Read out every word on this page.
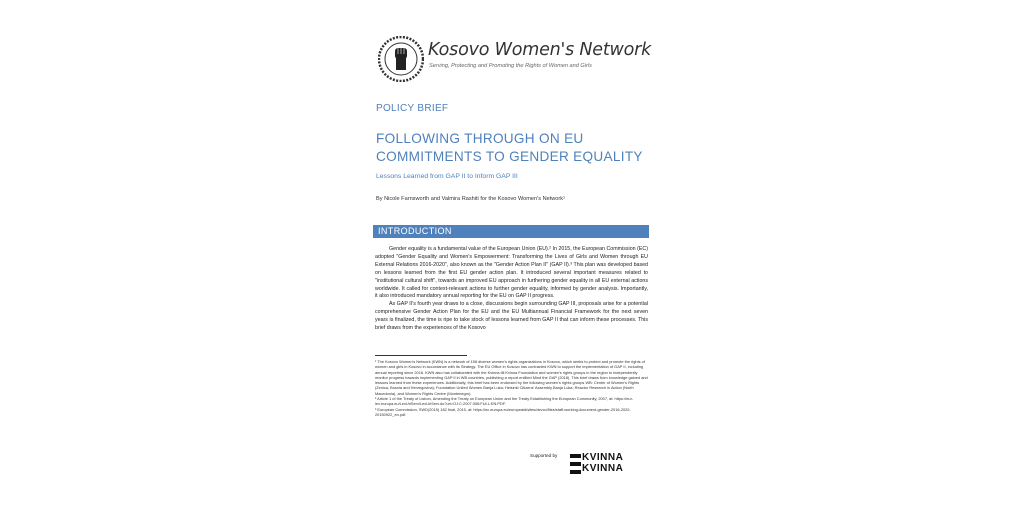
Kosovo Women's Network
Serving, Protecting and Promoting the Rights of Women and Girls
POLICY BRIEF
FOLLOWING THROUGH ON EU COMMITMENTS TO GENDER EQUALITY
Lessons Learned from GAP II to Inform GAP III
By Nicole Farnsworth and Valmira Rashiti for the Kosovo Women's Network¹
INTRODUCTION

Gender equality is a fundamental value of the European Union (EU).² In 2015, the European Commission (EC) adopted "Gender Equality and Women's Empowerment: Transforming the Lives of Girls and Women through EU External Relations 2016-2020", also known as the "Gender Action Plan II" (GAP II).³ This plan was developed based on lessons learned from the first EU gender action plan. It introduced several important measures related to "institutional cultural shift", towards an improved EU approach in furthering gender equality in all EU external actions worldwide. It called for context-relevant actions to further gender equality, informed by gender analysis. Importantly, it also introduced mandatory annual reporting for the EU on GAP II progress.

As GAP II's fourth year draws to a close, discussions begin surrounding GAP III, proposals arise for a potential comprehensive Gender Action Plan for the EU and the EU Multiannual Financial Framework for the next seven years is finalized, the time is ripe to take stock of lessons learned from GAP II that can inform these processes. This brief draws from the experiences of the Kosovo

¹ The Kosovo Women's Network (KWN) is a network of 158 diverse women's rights organizations in Kosovo, which seeks to protect and promote the rights of women and girls in Kosovo in accordance with its Strategy. The EU Office in Kosovo has contracted KWN to support the implementation of GAP II, including annual reporting since 2016. KWN also has collaborated with the Kvinna till Kvinna Foundation and women's rights groups in the region to independently monitor progress towards implementing GAP II in WB countries, publishing a report entitled Mind the GAP (2018). This brief draws from knowledge gained and lessons learned from these experiences. Additionally, this brief has been endorsed by the following women's rights groups WB: Center of Women's Rights (Zenica, Bosnia and Herzegovina); Foundation United Women Banja Luka; Helsinki Citizens' Assembly Banja Luka; Reactor Research in Action (North Macedonia), and Women's Rights Centre (Montenegro).

² Article 1 of the Treaty of Lisbon, Amending the Treaty on European Union and the Treaty Establishing the European Community, 2007, at: https://eur-lex.europa.eu/LexUriServ/LexUriServ.do?uri=OJ:C:2007:306:FULL:EN:PDF.

³ European Commission, SWD(2015) 182 final, 2015, at: https://ec.europa.eu/europeaid/sites/devco/files/staff-working-document-gender-2016-2020-20150922_en.pdf.

Supported by KVINNA
KVINNA
